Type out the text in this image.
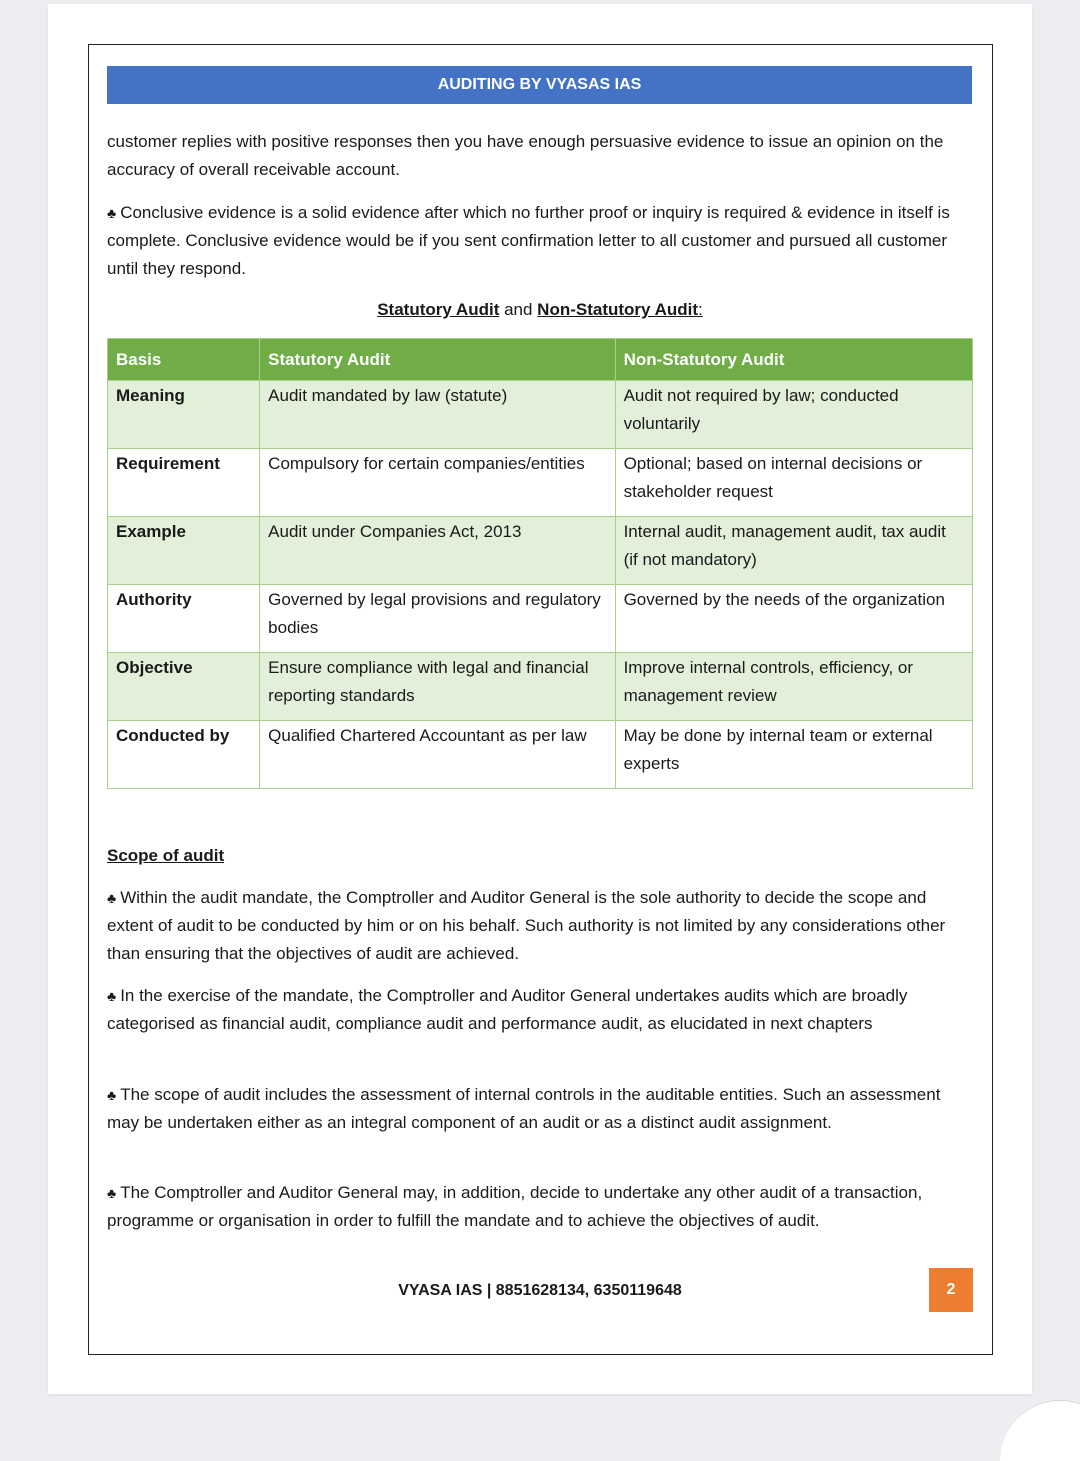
AUDITING BY VYASAS IAS

customer replies with positive responses then you have enough persuasive evidence to issue an opinion on the accuracy of overall receivable account.

♣ Conclusive evidence is a solid evidence after which no further proof or inquiry is required & evidence in itself is complete. Conclusive evidence would be if you sent confirmation letter to all customer and pursued all customer until they respond.

Statutory Audit and Non-Statutory Audit:
Basis	Statutory Audit	Non-Statutory Audit
Meaning	Audit mandated by law (statute)	Audit not required by law; conducted voluntarily
Requirement	Compulsory for certain companies/entities	Optional; based on internal decisions or stakeholder request
Example	Audit under Companies Act, 2013	Internal audit, management audit, tax audit (if not mandatory)
Authority	Governed by legal provisions and regulatory bodies	Governed by the needs of the organization
Objective	Ensure compliance with legal and financial reporting standards	Improve internal controls, efficiency, or management review
Conducted by	Qualified Chartered Accountant as per law	May be done by internal team or external experts
Scope of audit

♣ Within the audit mandate, the Comptroller and Auditor General is the sole authority to decide the scope and extent of audit to be conducted by him or on his behalf. Such authority is not limited by any considerations other than ensuring that the objectives of audit are achieved.

♣ In the exercise of the mandate, the Comptroller and Auditor General undertakes audits which are broadly categorised as financial audit, compliance audit and performance audit, as elucidated in next chapters

♣ The scope of audit includes the assessment of internal controls in the auditable entities. Such an assessment may be undertaken either as an integral component of an audit or as a distinct audit assignment.

♣ The Comptroller and Auditor General may, in addition, decide to undertake any other audit of a transaction, programme or organisation in order to fulfill the mandate and to achieve the objectives of audit.

VYASA IAS | 8851628134, 6350119648	2
